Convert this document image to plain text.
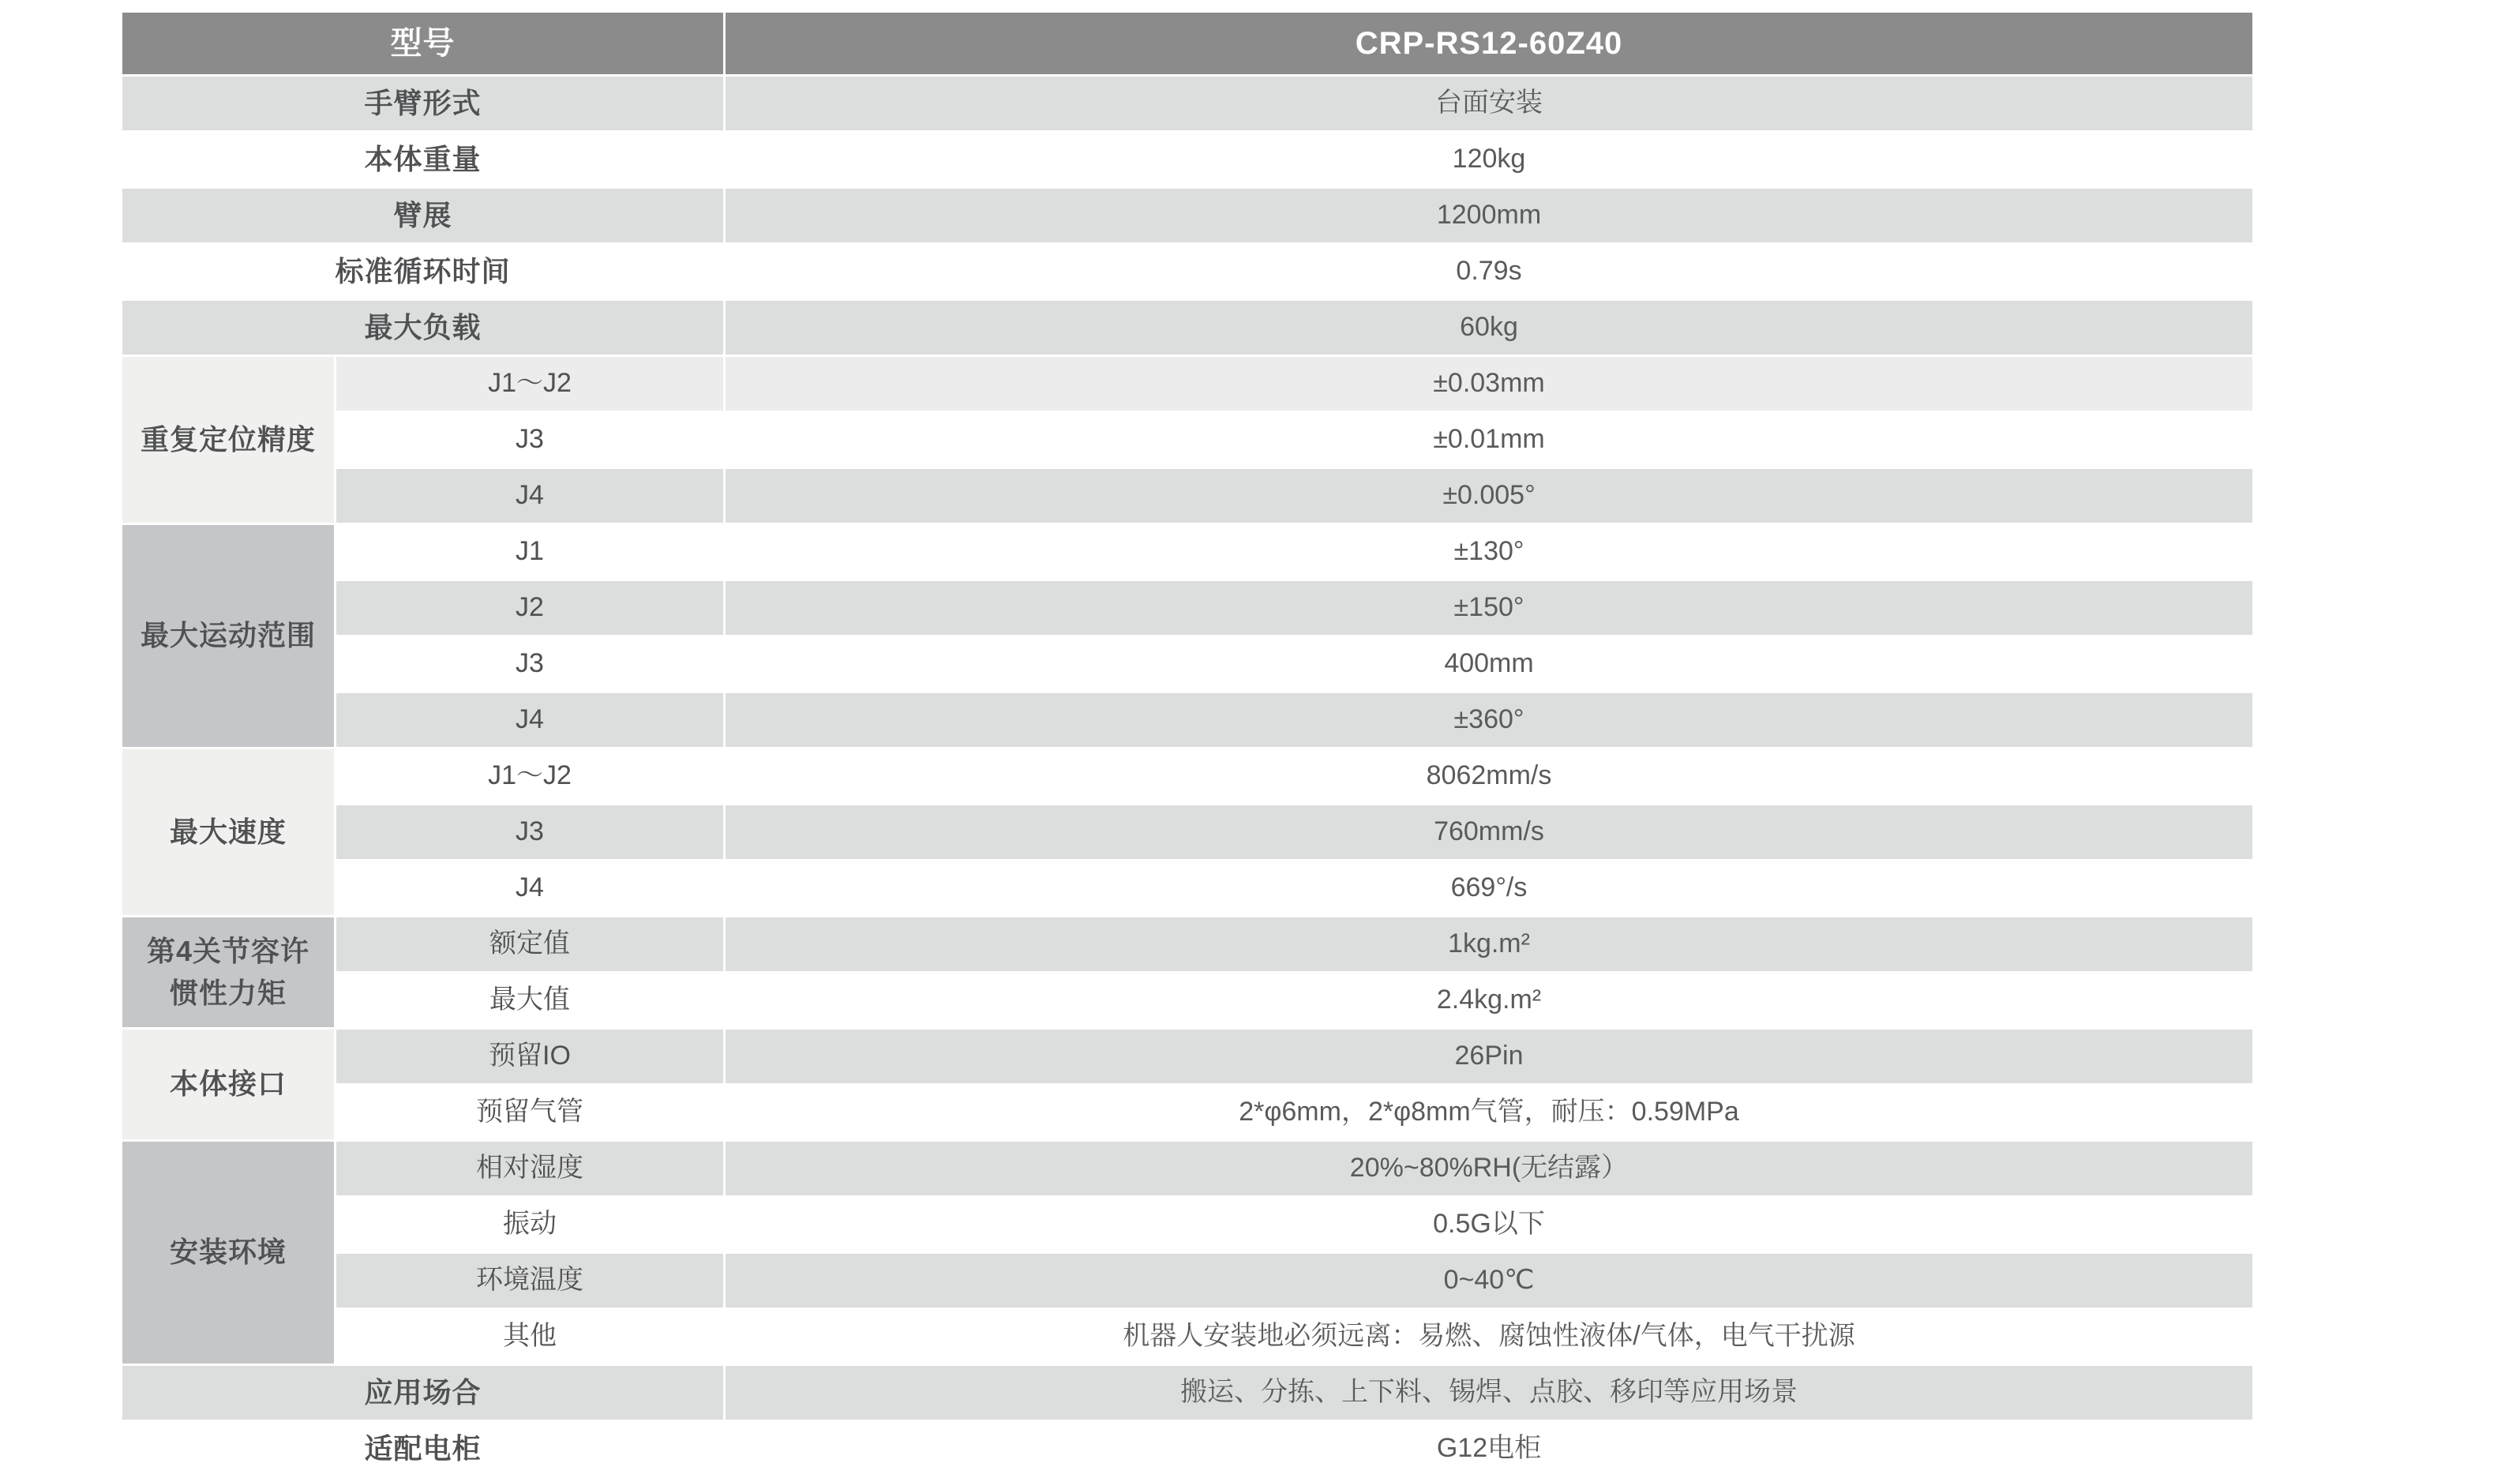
型号	CRP-RS12-60Z40
手臂形式	台面安装
本体重量	120kg
臂展	1200mm
标准循环时间	0.79s
最大负载	60kg
重复定位精度
J1～J2	±0.03mm
J3	±0.01mm
J4	±0.005°
最大运动范围
J1	±130°
J2	±150°
J3	400mm
J4	±360°
最大速度
J1～J2	8062mm/s
J3	760mm/s
J4	669°/s
第4关节容许惯性力矩
额定值	1kg.m²
最大值	2.4kg.m²
本体接口
预留IO	26Pin
预留气管	2*φ6mm，2*φ8mm气管，耐压：0.59MPa
安装环境
相对湿度	20%~80%RH(无结露）
振动	0.5G以下
环境温度	0~40℃
其他	机器人安装地必须远离：易燃、腐蚀性液体/气体，电气干扰源
应用场合	搬运、分拣、上下料、锡焊、点胶、移印等应用场景
适配电柜	G12电柜
